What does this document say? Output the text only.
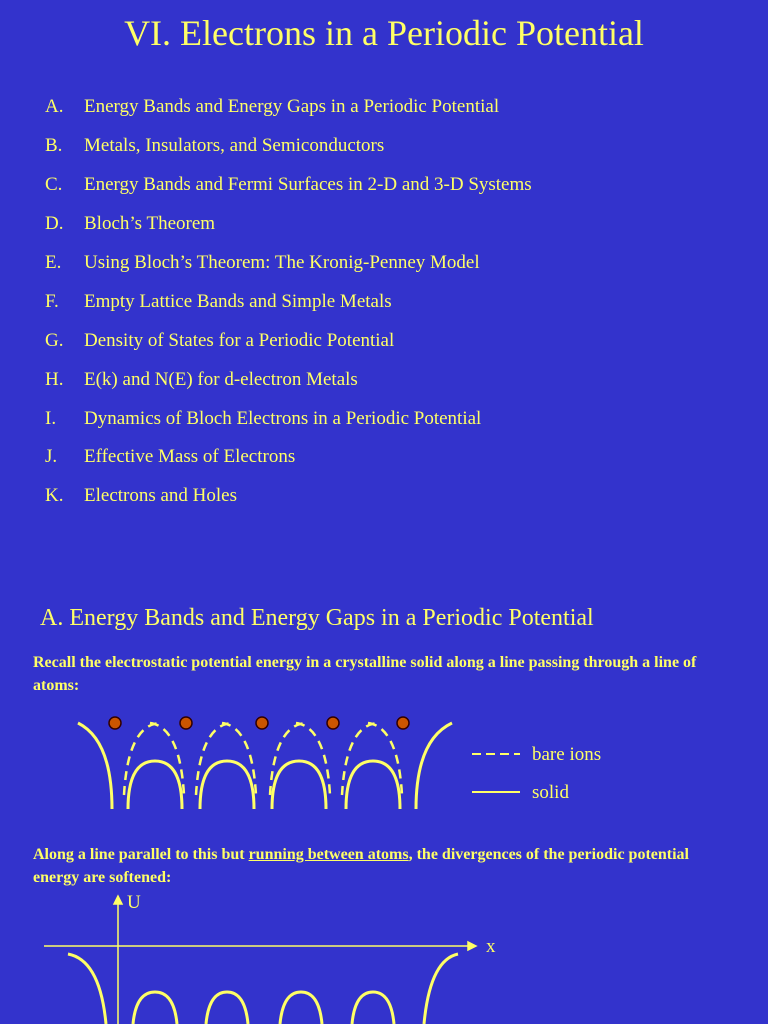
VI. Electrons in a Periodic Potential
A.	Energy Bands and Energy Gaps in a Periodic Potential
B.	Metals, Insulators, and Semiconductors
C.	Energy Bands and Fermi Surfaces in 2-D and 3-D Systems
D.	Bloch’s Theorem
E.	Using Bloch’s Theorem: The Kronig-Penney Model
F.	Empty Lattice Bands and Simple Metals
G.	Density of States for a Periodic Potential
H.	E(k) and N(E) for d-electron Metals
I.	Dynamics of Bloch Electrons in a Periodic Potential
J.	Effective Mass of Electrons
K.	Electrons and Holes
A. Energy Bands and Energy Gaps in a Periodic Potential
Recall the electrostatic potential energy in a crystalline solid along a line passing through a line of atoms:
bare ions
solid
Along a line parallel to this but running between atoms, the divergences of the periodic potential energy are softened:
U
x
